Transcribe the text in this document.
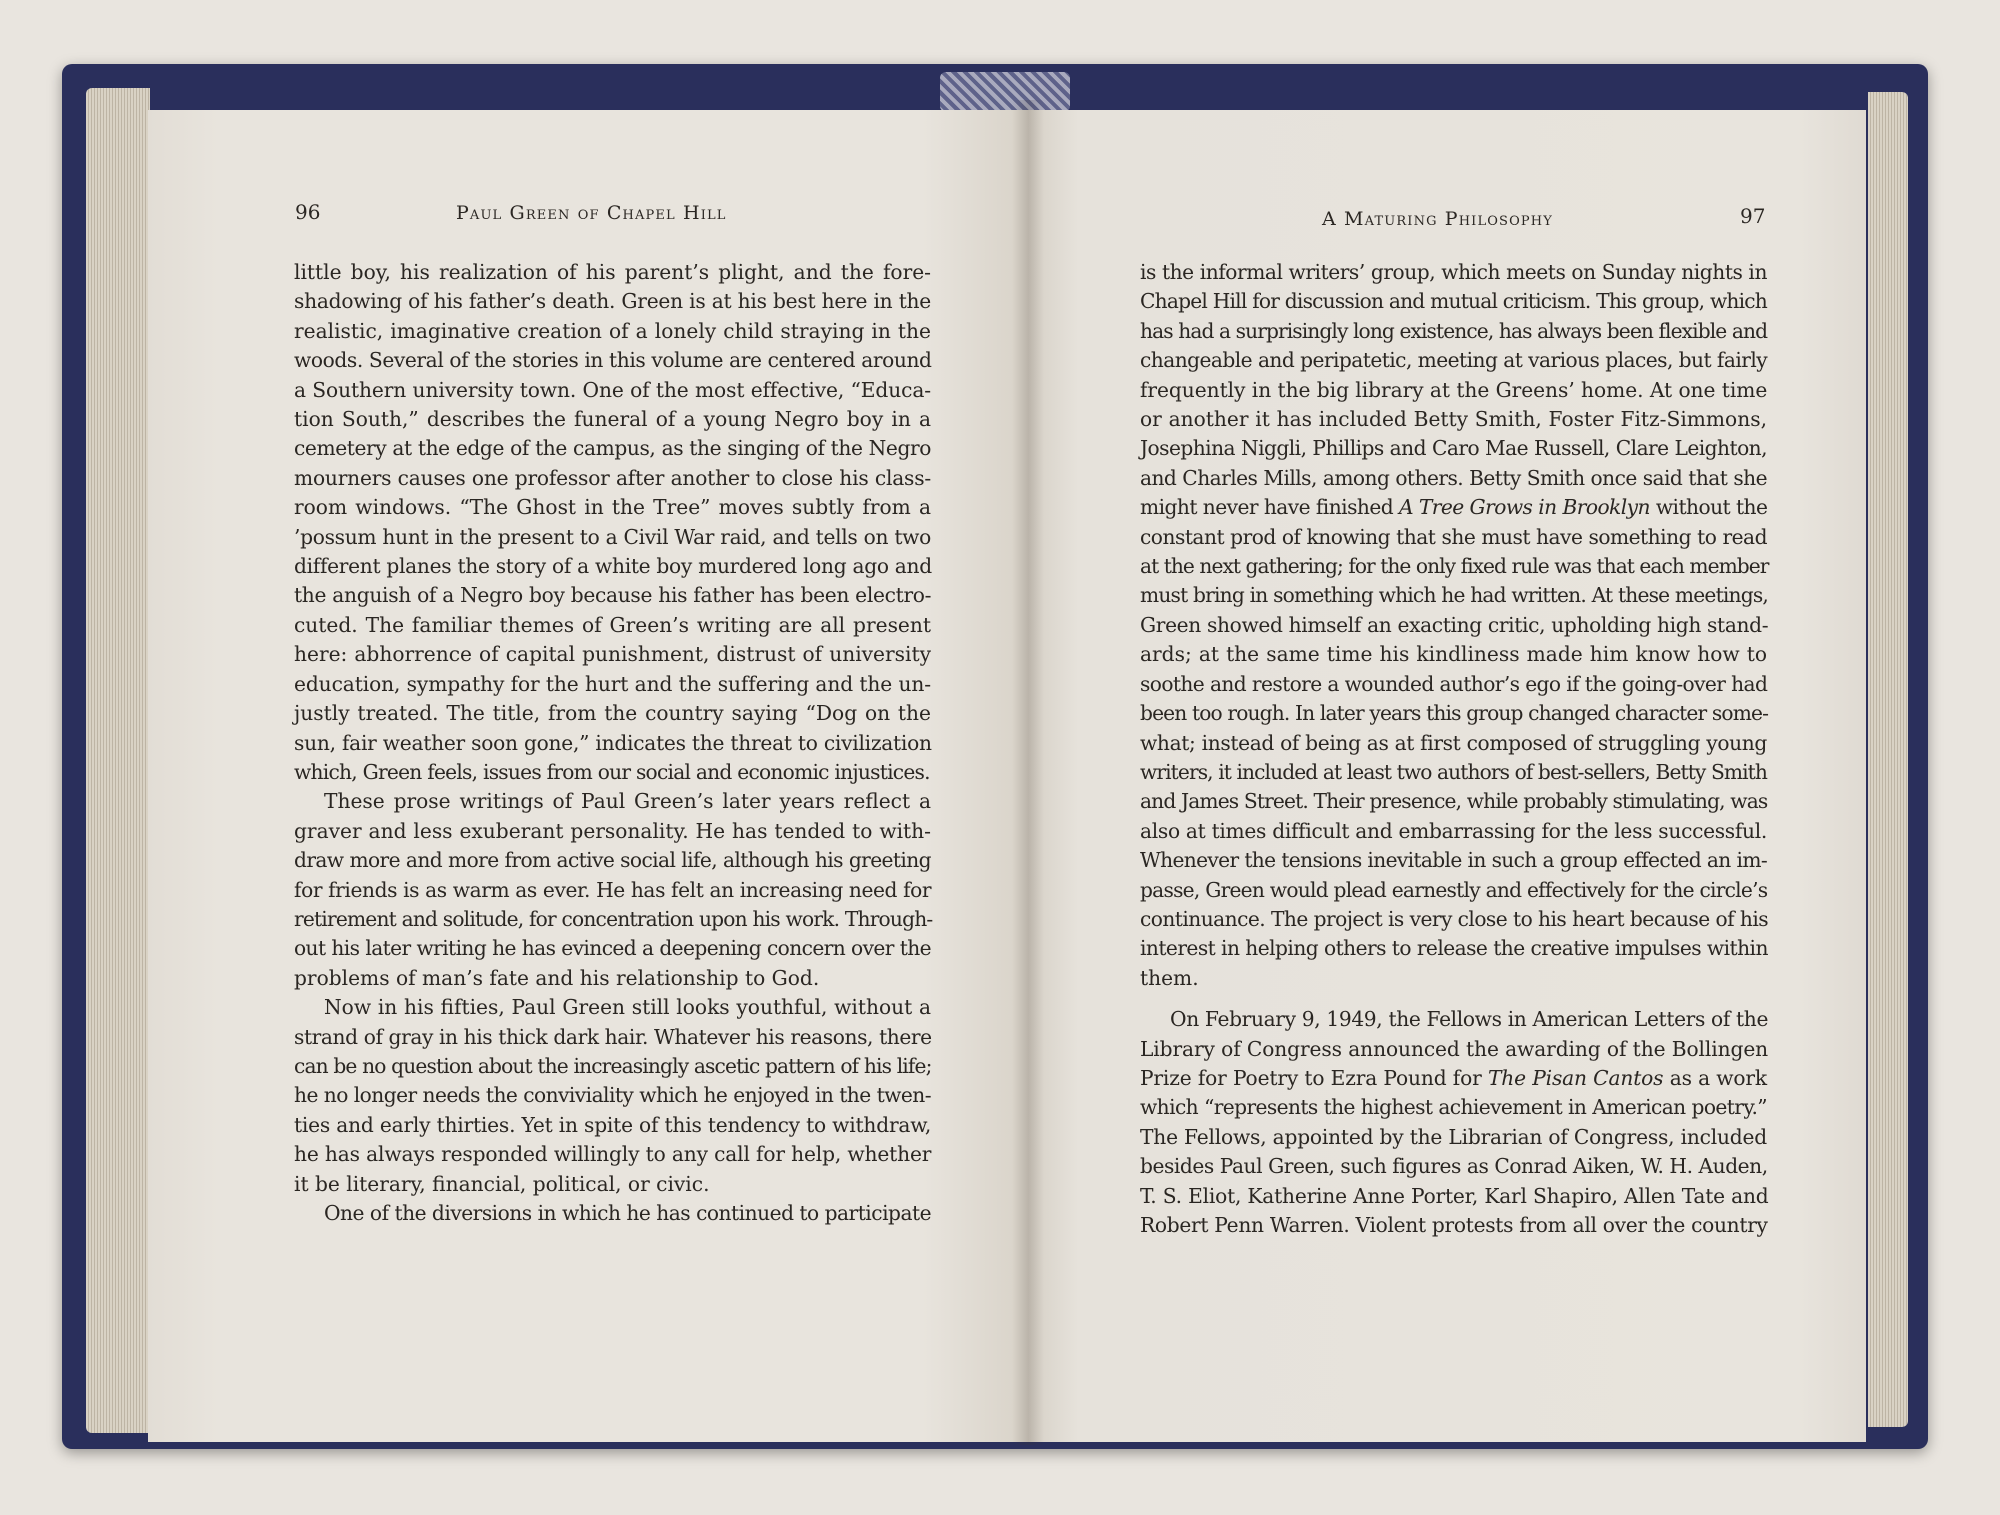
96	Paul Green of Chapel Hill
little boy, his realization of his parent’s plight, and the fore-
shadowing of his father’s death. Green is at his best here in the
realistic, imaginative creation of a lonely child straying in the
woods. Several of the stories in this volume are centered around
a Southern university town. One of the most effective, “Educa-
tion South,” describes the funeral of a young Negro boy in a
cemetery at the edge of the campus, as the singing of the Negro
mourners causes one professor after another to close his class-
room windows. “The Ghost in the Tree” moves subtly from a
’possum hunt in the present to a Civil War raid, and tells on two
different planes the story of a white boy murdered long ago and
the anguish of a Negro boy because his father has been electro-
cuted. The familiar themes of Green’s writing are all present
here: abhorrence of capital punishment, distrust of university
education, sympathy for the hurt and the suffering and the un-
justly treated. The title, from the country saying “Dog on the
sun, fair weather soon gone,” indicates the threat to civilization
which, Green feels, issues from our social and economic injustices.
These prose writings of Paul Green’s later years reflect a
graver and less exuberant personality. He has tended to with-
draw more and more from active social life, although his greeting
for friends is as warm as ever. He has felt an increasing need for
retirement and solitude, for concentration upon his work. Through-
out his later writing he has evinced a deepening concern over the
problems of man’s fate and his relationship to God.
Now in his fifties, Paul Green still looks youthful, without a
strand of gray in his thick dark hair. Whatever his reasons, there
can be no question about the increasingly ascetic pattern of his life;
he no longer needs the conviviality which he enjoyed in the twen-
ties and early thirties. Yet in spite of this tendency to withdraw,
he has always responded willingly to any call for help, whether
it be literary, financial, political, or civic.
One of the diversions in which he has continued to participate
A Maturing Philosophy	97
is the informal writers’ group, which meets on Sunday nights in
Chapel Hill for discussion and mutual criticism. This group, which
has had a surprisingly long existence, has always been flexible and
changeable and peripatetic, meeting at various places, but fairly
frequently in the big library at the Greens’ home. At one time
or another it has included Betty Smith, Foster Fitz-Simmons,
Josephina Niggli, Phillips and Caro Mae Russell, Clare Leighton,
and Charles Mills, among others. Betty Smith once said that she
might never have finished A Tree Grows in Brooklyn without the
constant prod of knowing that she must have something to read
at the next gathering; for the only fixed rule was that each member
must bring in something which he had written. At these meetings,
Green showed himself an exacting critic, upholding high stand-
ards; at the same time his kindliness made him know how to
soothe and restore a wounded author’s ego if the going-over had
been too rough. In later years this group changed character some-
what; instead of being as at first composed of struggling young
writers, it included at least two authors of best-sellers, Betty Smith
and James Street. Their presence, while probably stimulating, was
also at times difficult and embarrassing for the less successful.
Whenever the tensions inevitable in such a group effected an im-
passe, Green would plead earnestly and effectively for the circle’s
continuance. The project is very close to his heart because of his
interest in helping others to release the creative impulses within
them.
On February 9, 1949, the Fellows in American Letters of the
Library of Congress announced the awarding of the Bollingen
Prize for Poetry to Ezra Pound for The Pisan Cantos as a work
which “represents the highest achievement in American poetry.”
The Fellows, appointed by the Librarian of Congress, included
besides Paul Green, such figures as Conrad Aiken, W. H. Auden,
T. S. Eliot, Katherine Anne Porter, Karl Shapiro, Allen Tate and
Robert Penn Warren. Violent protests from all over the country
